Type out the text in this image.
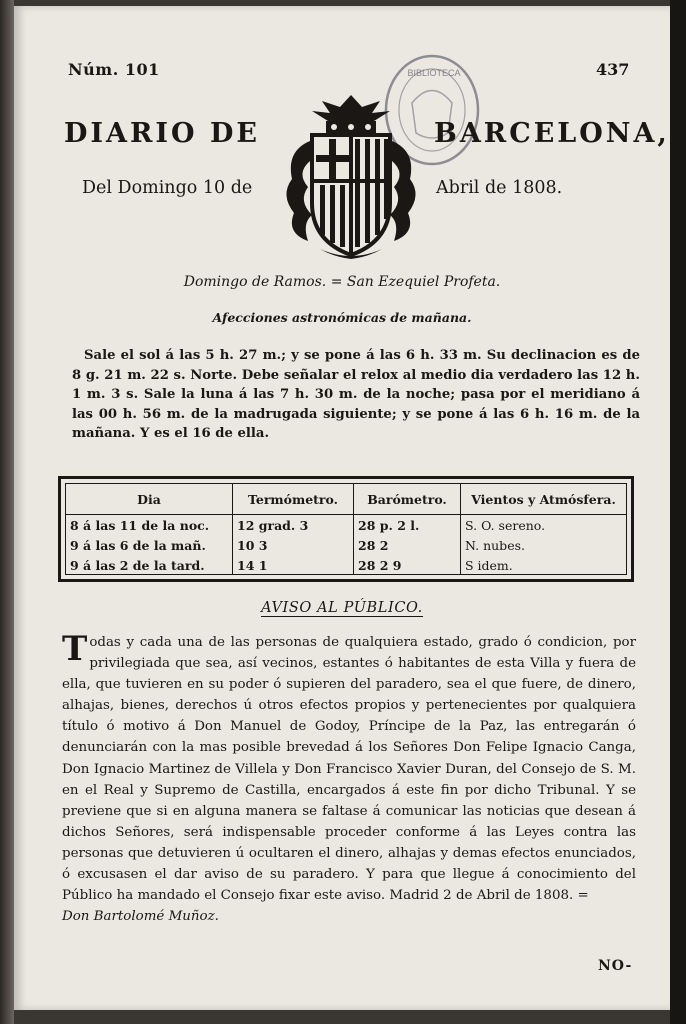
Núm. 101	437
BIBLIOTECA
DIARIO DE	BARCELONA,
Del Domingo 10 de	Abril de 1808.
Domingo de Ramos. = San Ezequiel Profeta.
Afecciones astronómicas de mañana.
Sale el sol á las 5 h. 27 m.; y se pone á las 6 h. 33 m. Su declinacion es de 8 g. 21 m. 22 s. Norte. Debe señalar el relox al medio dia verdadero las 12 h. 1 m. 3 s. Sale la luna á las 7 h. 30 m. de la noche; pasa por el meridiano á las 00 h. 56 m. de la madrugada siguiente; y se pone á las 6 h. 16 m. de la mañana. Y es el 16 de ella.
Dia	Termómetro.	Barómetro.	Vientos y Atmósfera.
8 á las 11 de la noc.	12 grad. 3	28 p. 2 l.	S. O. sereno.
9 á las 6 de la mañ.	10 3	28 2	N. nubes.
9 á las 2 de la tard.	14 1	28 2 9	S idem.
AVISO AL PÚBLICO.
Todas y cada una de las personas de qualquiera estado, grado ó condicion, por privilegiada que sea, así vecinos, estantes ó habitantes de esta Villa y fuera de ella, que tuvieren en su poder ó supieren del paradero, sea el que fuere, de dinero, alhajas, bienes, derechos ú otros efectos propios y pertenecientes por qualquiera título ó motivo á Don Manuel de Godoy, Príncipe de la Paz, las entregarán ó denunciarán con la mas posible brevedad á los Señores Don Felipe Ignacio Canga, Don Ignacio Martinez de Villela y Don Francisco Xavier Duran, del Consejo de S. M. en el Real y Supremo de Castilla, encargados á este fin por dicho Tribunal. Y se previene que si en alguna manera se faltase á comunicar las noticias que desean á dichos Señores, será indispensable proceder conforme á las Leyes contra las personas que detuvieren ú ocultaren el dinero, alhajas y demas efectos enunciados, ó excusasen el dar aviso de su paradero. Y para que llegue á conocimiento del Público ha mandado el Consejo fixar este aviso. Madrid 2 de Abril de 1808. =
Don Bartolomé Muñoz.
NO-
